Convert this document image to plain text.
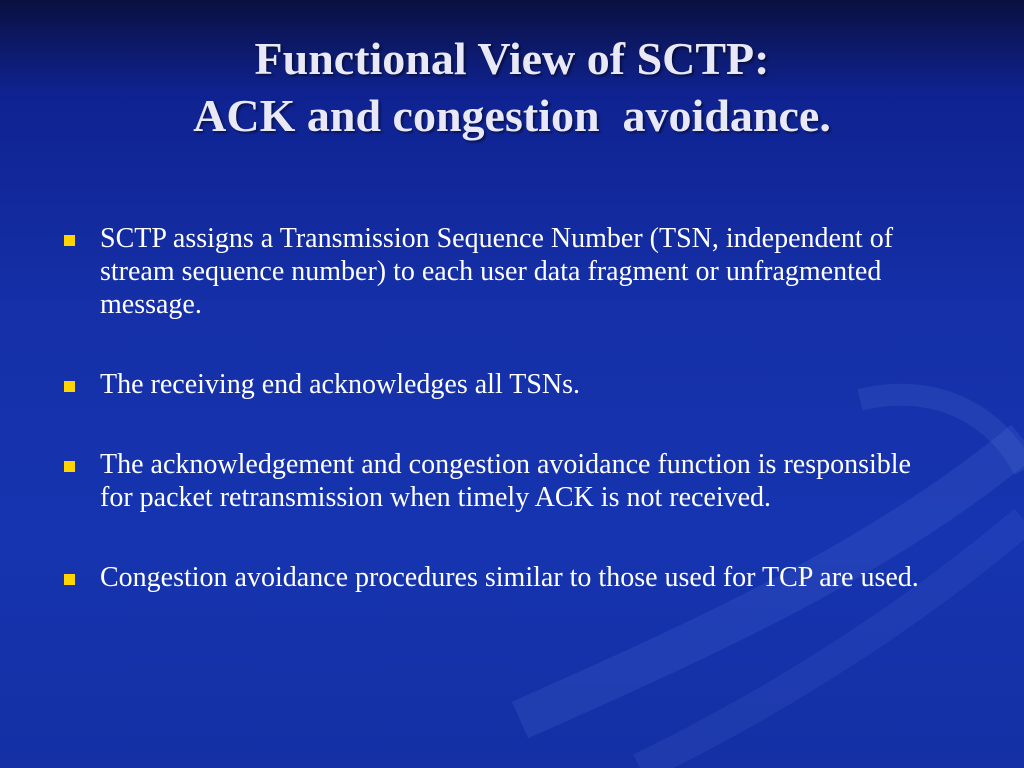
Functional View of SCTP:
ACK and congestion  avoidance.
SCTP assigns a Transmission Sequence Number (TSN, independent of stream sequence number) to each user data fragment or unfragmented message.
The receiving end acknowledges all TSNs.
The acknowledgement and congestion avoidance function is responsible for packet retransmission when timely ACK is not received.
Congestion avoidance procedures similar to those used for TCP are used.
